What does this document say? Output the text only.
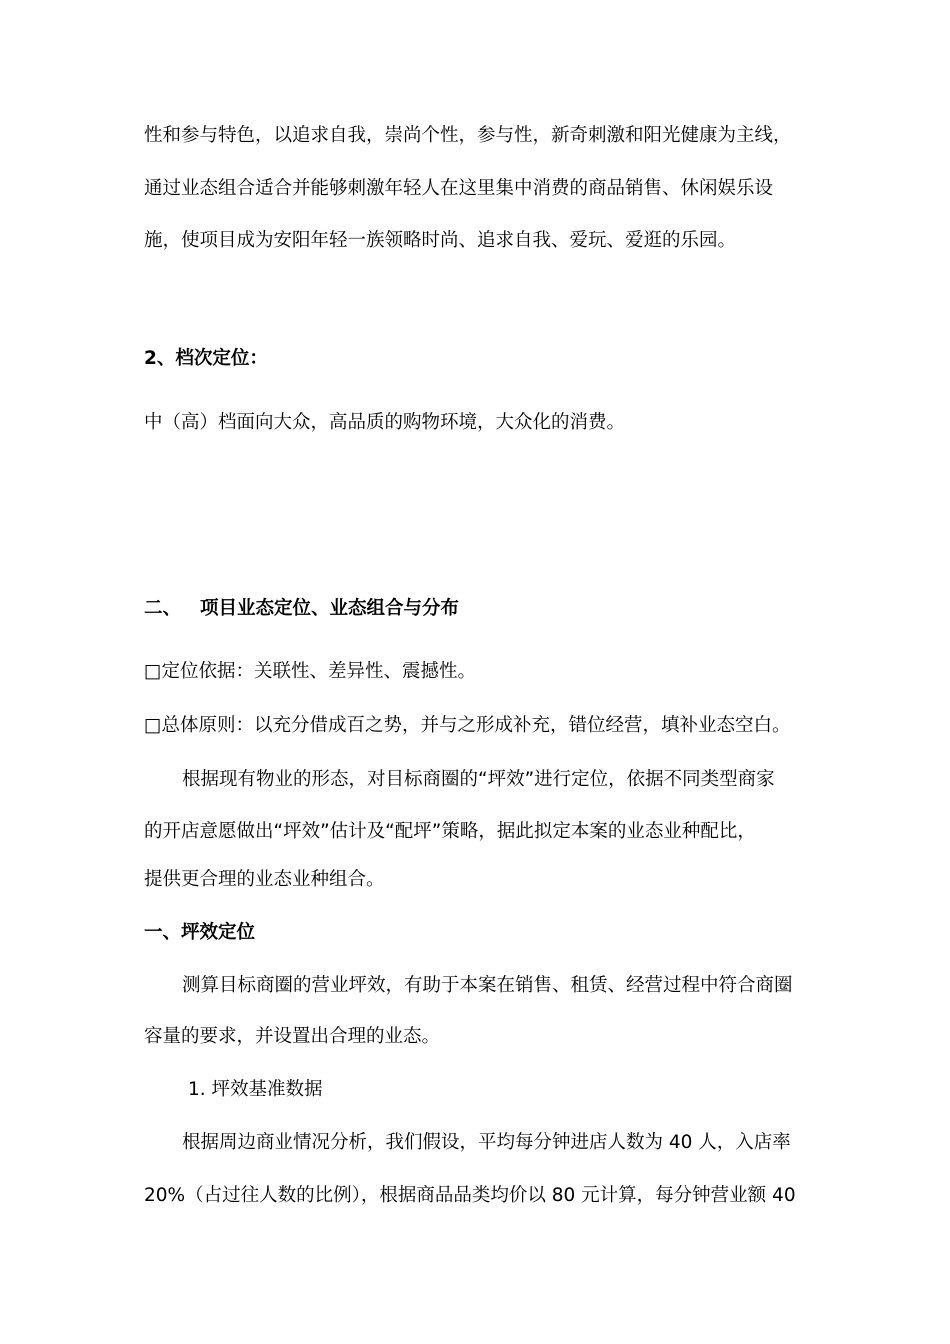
性和参与特色，以追求自我，崇尚个性，参与性，新奇刺激和阳光健康为主线，
通过业态组合适合并能够刺激年轻人在这里集中消费的商品销售、休闲娱乐设
施，使项目成为安阳年轻一族领略时尚、追求自我、爱玩、爱逛的乐园。
2、档次定位：
中（高）档面向大众，高品质的购物环境，大众化的消费。
二、 项目业态定位、业态组合与分布
□定位依据：关联性、差异性、震撼性。
□总体原则：以充分借成百之势，并与之形成补充，错位经营，填补业态空白。
根据现有物业的形态，对目标商圈的“坪效”进行定位，依据不同类型商家
的开店意愿做出“坪效”估计及“配坪”策略，据此拟定本案的业态业种配比，
提供更合理的业态业种组合。
一、坪效定位
测算目标商圈的营业坪效，有助于本案在销售、租赁、经营过程中符合商圈
容量的要求，并设置出合理的业态。
1. 坪效基准数据
根据周边商业情况分析，我们假设，平均每分钟进店人数为 40 人，入店率
20%（占过往人数的比例），根据商品品类均价以 80 元计算，每分钟营业额 40
